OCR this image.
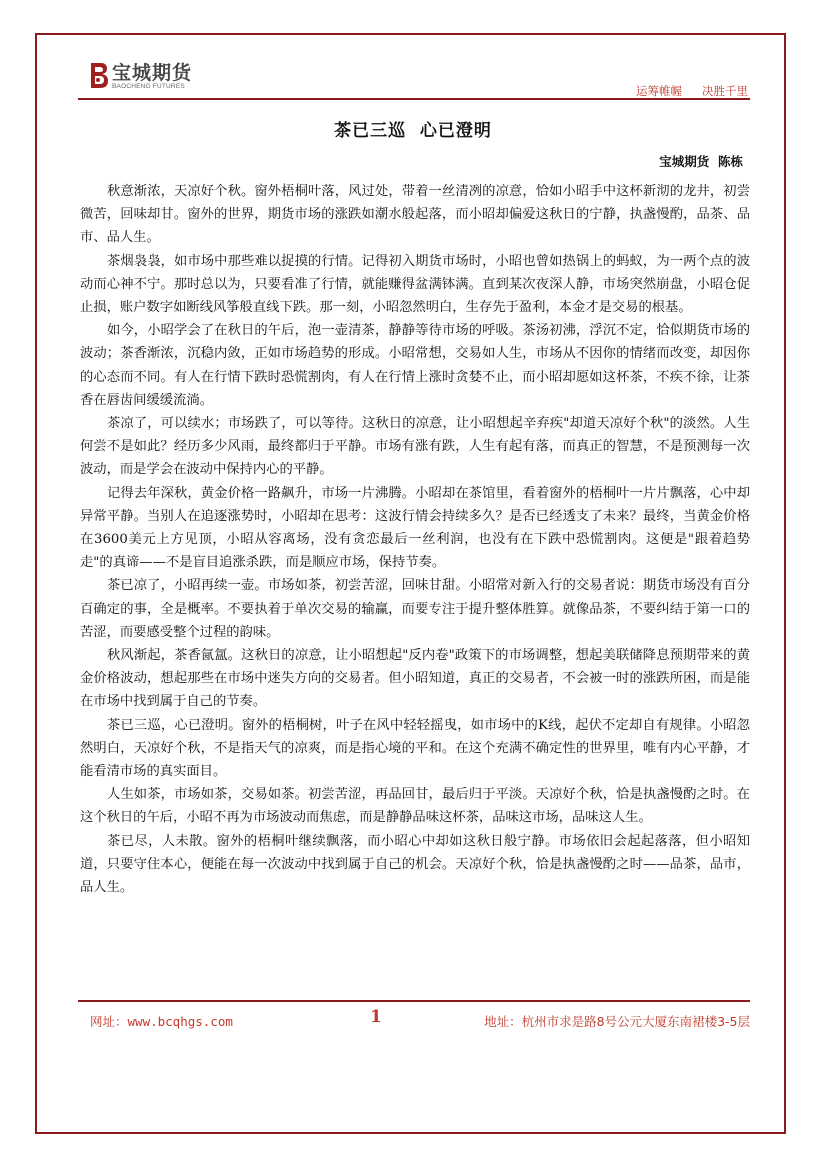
宝城期货
BAOCHENG FUTURES	运筹帷幄 决胜千里
茶已三巡  心已澄明
宝城期货  陈栋

秋意渐浓，天凉好个秋。窗外梧桐叶落，风过处，带着一丝清冽的凉意，恰如小昭手中这杯新沏的龙井，初尝微苦，回味却甘。窗外的世界，期货市场的涨跌如潮水般起落，而小昭却偏爱这秋日的宁静，执盏慢酌，品茶、品市、品人生。

茶烟袅袅，如市场中那些难以捉摸的行情。记得初入期货市场时，小昭也曾如热锅上的蚂蚁，为一两个点的波动而心神不宁。那时总以为，只要看准了行情，就能赚得盆满钵满。直到某次夜深人静，市场突然崩盘，小昭仓促止损，账户数字如断线风筝般直线下跌。那一刻，小昭忽然明白，生存先于盈利，本金才是交易的根基。

如今，小昭学会了在秋日的午后，泡一壶清茶，静静等待市场的呼吸。茶汤初沸，浮沉不定，恰似期货市场的波动；茶香渐浓，沉稳内敛，正如市场趋势的形成。小昭常想，交易如人生，市场从不因你的情绪而改变，却因你的心态而不同。有人在行情下跌时恐慌割肉，有人在行情上涨时贪婪不止，而小昭却愿如这杯茶，不疾不徐，让茶香在唇齿间缓缓流淌。

茶凉了，可以续水；市场跌了，可以等待。这秋日的凉意，让小昭想起辛弃疾"却道天凉好个秋"的淡然。人生何尝不是如此？经历多少风雨，最终都归于平静。市场有涨有跌，人生有起有落，而真正的智慧，不是预测每一次波动，而是学会在波动中保持内心的平静。

记得去年深秋，黄金价格一路飙升，市场一片沸腾。小昭却在茶馆里，看着窗外的梧桐叶一片片飘落，心中却异常平静。当别人在追逐涨势时，小昭却在思考：这波行情会持续多久？是否已经透支了未来？最终，当黄金价格在3600美元上方见顶，小昭从容离场，没有贪恋最后一丝利润，也没有在下跌中恐慌割肉。这便是"跟着趋势走"的真谛——不是盲目追涨杀跌，而是顺应市场，保持节奏。

茶已凉了，小昭再续一壶。市场如茶，初尝苦涩，回味甘甜。小昭常对新入行的交易者说：期货市场没有百分百确定的事，全是概率。不要执着于单次交易的输赢，而要专注于提升整体胜算。就像品茶，不要纠结于第一口的苦涩，而要感受整个过程的韵味。

秋风渐起，茶香氤氲。这秋日的凉意，让小昭想起"反内卷"政策下的市场调整，想起美联储降息预期带来的黄金价格波动，想起那些在市场中迷失方向的交易者。但小昭知道，真正的交易者，不会被一时的涨跌所困，而是能在市场中找到属于自己的节奏。

茶已三巡，心已澄明。窗外的梧桐树，叶子在风中轻轻摇曳，如市场中的K线，起伏不定却自有规律。小昭忽然明白，天凉好个秋，不是指天气的凉爽，而是指心境的平和。在这个充满不确定性的世界里，唯有内心平静，才能看清市场的真实面目。

人生如茶，市场如茶，交易如茶。初尝苦涩，再品回甘，最后归于平淡。天凉好个秋，恰是执盏慢酌之时。在这个秋日的午后，小昭不再为市场波动而焦虑，而是静静品味这杯茶，品味这市场，品味这人生。

茶已尽，人未散。窗外的梧桐叶继续飘落，而小昭心中却如这秋日般宁静。市场依旧会起起落落，但小昭知道，只要守住本心，便能在每一次波动中找到属于自己的机会。天凉好个秋，恰是执盏慢酌之时——品茶，品市，品人生。

网址：www.bcqhgs.com	1	地址：杭州市求是路8号公元大厦东南裙楼3-5层
